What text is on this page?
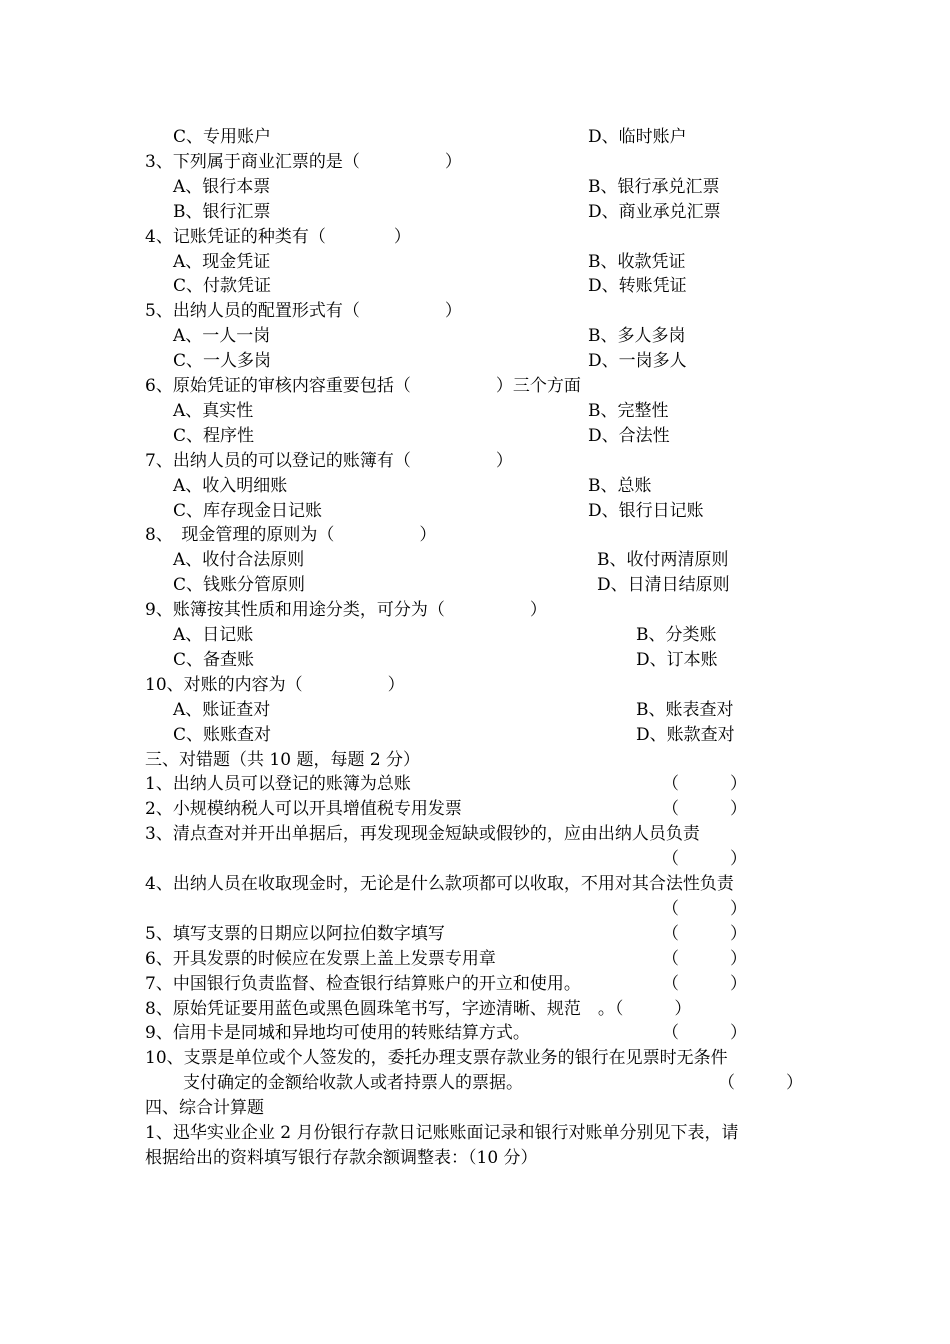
C、专用账户	D、临时账户
3、下列属于商业汇票的是（　　　　　）
A、银行本票	B、银行承兑汇票
B、银行汇票	D、商业承兑汇票
4、记账凭证的种类有（　　　　）
A、现金凭证	B、收款凭证
C、付款凭证	D、转账凭证
5、出纳人员的配置形式有（　　　　　）
A、一人一岗	B、多人多岗
C、一人多岗	D、一岗多人
6、原始凭证的审核内容重要包括（　　　　　）三个方面
A、真实性	B、完整性
C、程序性	D、合法性
7、出纳人员的可以登记的账簿有（　　　　　）
A、收入明细账	B、总账
C、库存现金日记账	D、银行日记账
8、　现金管理的原则为（　　　　　）
A、收付合法原则	B、收付两清原则
C、钱账分管原则	D、日清日结原则
9、账簿按其性质和用途分类，可分为（　　　　　）
A、日记账	B、分类账
C、备查账	D、订本账
10、对账的内容为（　　　　　）
A、账证查对	B、账表查对
C、账账查对	D、账款查对
三、对错题（共 10 题，每题 2 分）
1、出纳人员可以登记的账簿为总账	（　　　）
2、小规模纳税人可以开具增值税专用发票	（　　　）
3、清点查对并开出单据后，再发现现金短缺或假钞的，应由出纳人员负责
（　　　）
4、出纳人员在收取现金时，无论是什么款项都可以收取，不用对其合法性负责
（　　　）
5、填写支票的日期应以阿拉伯数字填写	（　　　）
6、开具发票的时候应在发票上盖上发票专用章	（　　　）
7、中国银行负责监督、检查银行结算账户的开立和使用。	（　　　）
8、原始凭证要用蓝色或黑色圆珠笔书写，字迹清晰、规范　。（　　　）
9、信用卡是同城和异地均可使用的转账结算方式。	（　　　）
10、支票是单位或个人签发的，委托办理支票存款业务的银行在见票时无条件
支付确定的金额给收款人或者持票人的票据。	（　　　）
四、综合计算题
1、迅华实业企业 2 月份银行存款日记账账面记录和银行对账单分别见下表，请
根据给出的资料填写银行存款余额调整表：（10 分）
